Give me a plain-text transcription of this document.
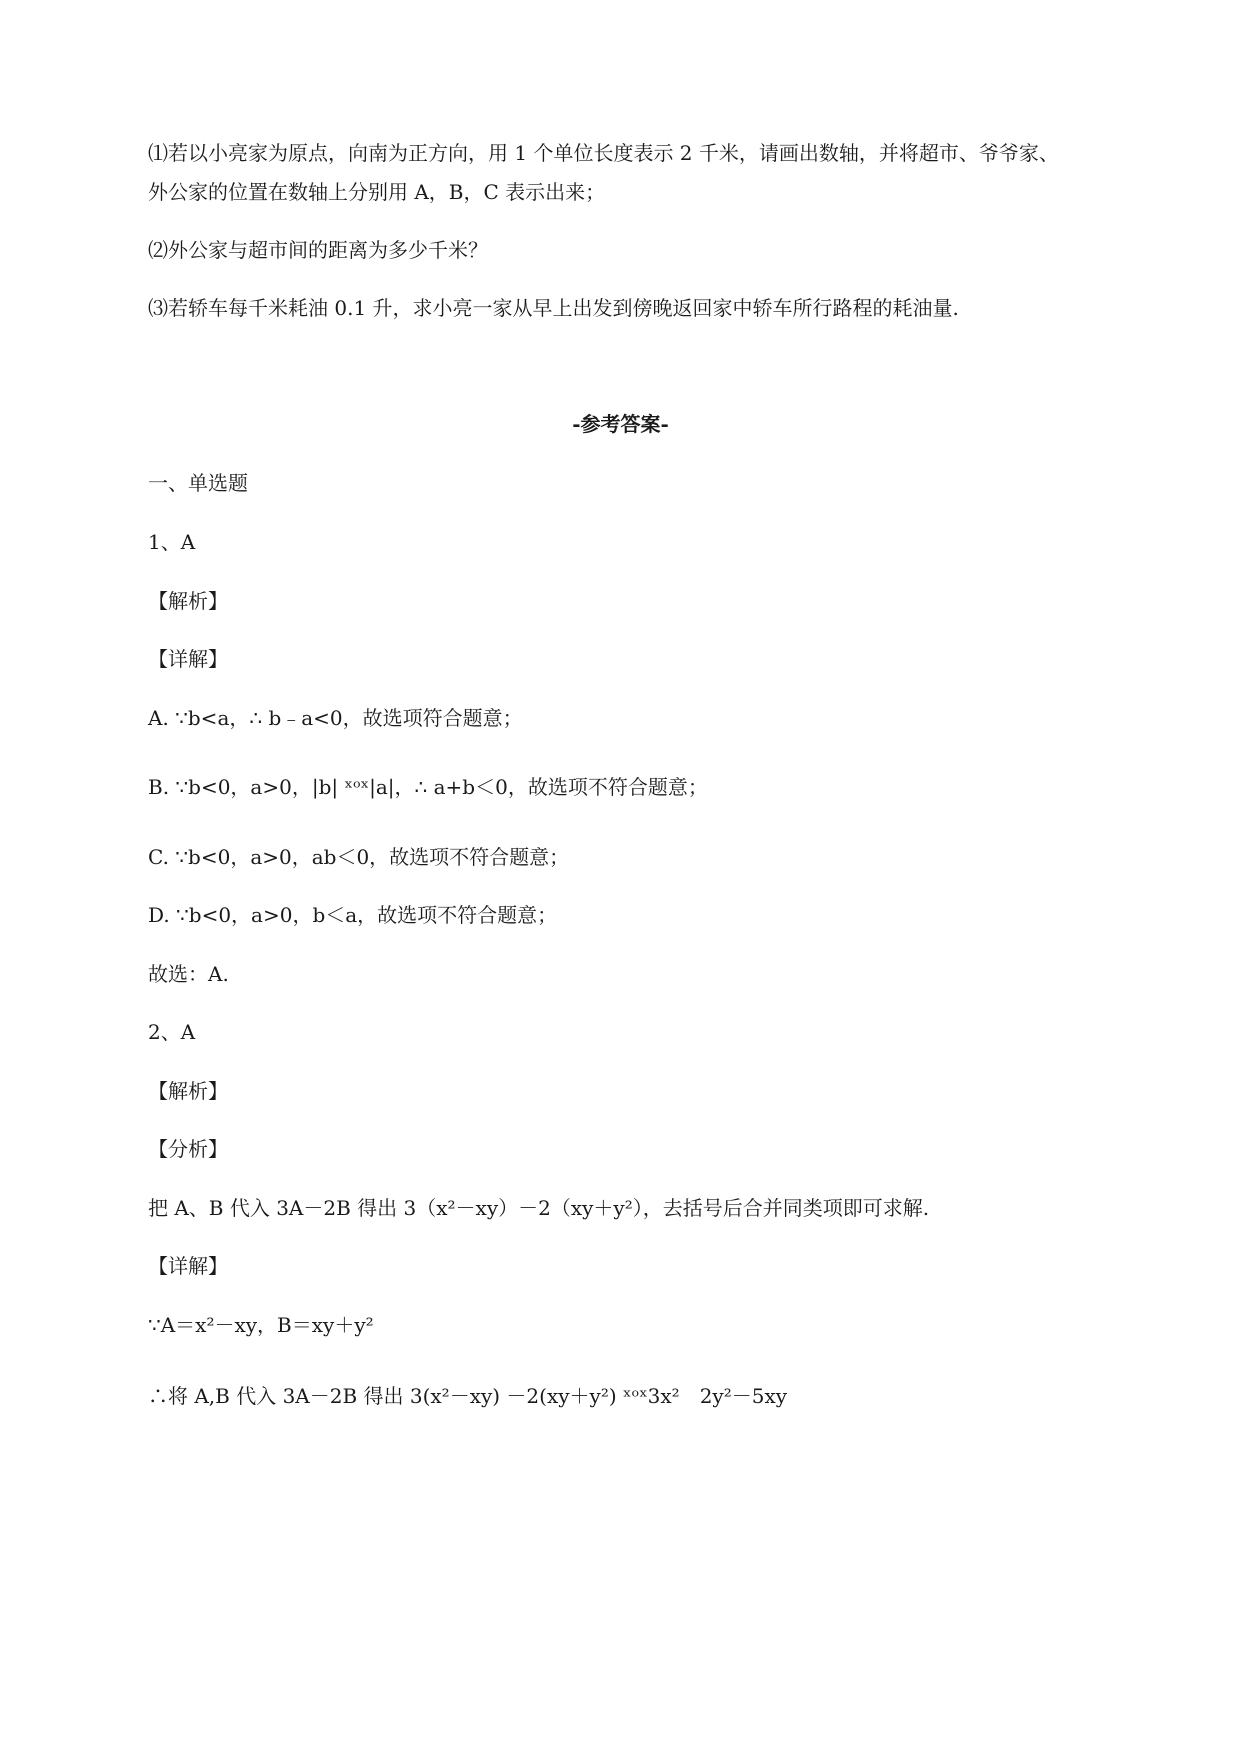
⑴若以小亮家为原点，向南为正方向，用 1 个单位长度表示 2 千米，请画出数轴，并将超市、爷爷家、
外公家的位置在数轴上分别用 A，B，C 表示出来；
⑵外公家与超市间的距离为多少千米？
⑶若轿车每千米耗油 0.1 升，求小亮一家从早上出发到傍晚返回家中轿车所行路程的耗油量.
-参考答案-
一、单选题
1、A
【解析】
【详解】
A. ∵b<a，∴ b﹣a<0，故选项符合题意；
B. ∵b<0，a>0，|b| ˣᵒˣ|a|，∴ a+b＜0，故选项不符合题意；
C. ∵b<0，a>0，ab＜0，故选项不符合题意；
D. ∵b<0，a>0，b＜a，故选项不符合题意；
故选：A.
2、A
【解析】
【分析】
把 A、B 代入 3A－2B 得出 3（x²－xy）－2（xy＋y²），去括号后合并同类项即可求解.
【详解】
∵A＝x²－xy，B＝xy＋y²
∴将 A,B 代入 3A－2B 得出 3(x²－xy) －2(xy＋y²) ˣᵒˣ3x²　2y²－5xy
